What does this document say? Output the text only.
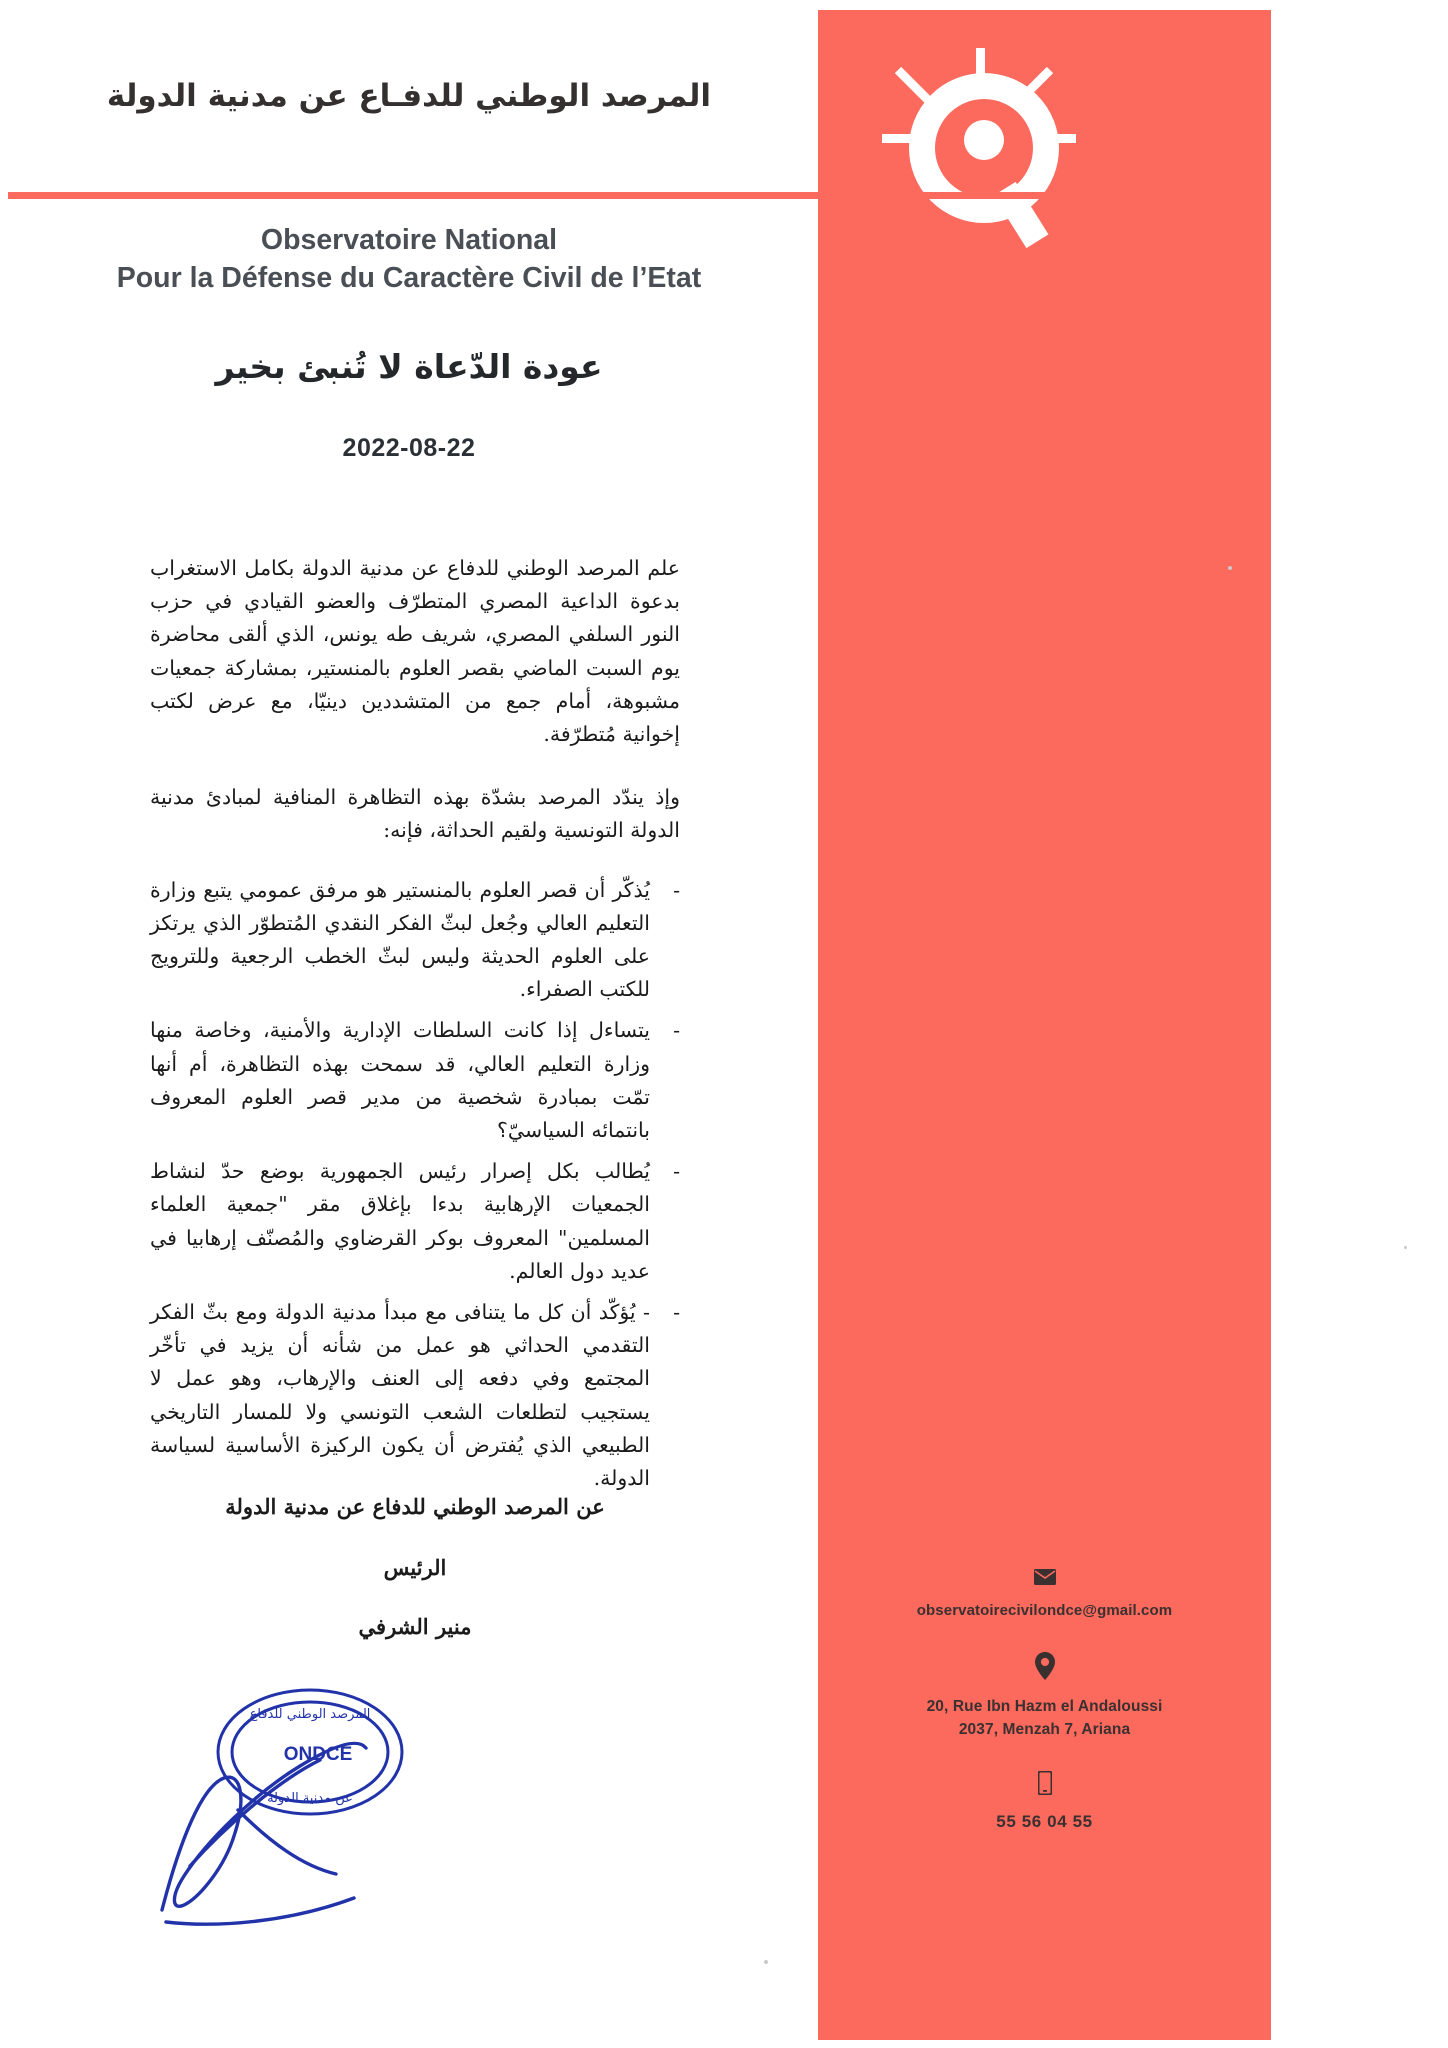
observatoirecivilondce@gmail.com
20, Rue Ibn Hazm el Andaloussi
2037, Menzah 7, Ariana
55 56 04 55
المرصد الوطني للدفـاع عن مدنية الدولة
Observatoire National
Pour la Défense du Caractère Civil de l’Etat
عودة الدّعاة لا تُنبئ بخير
2022-08-22

علم المرصد الوطني للدفاع عن مدنية الدولة بكامل الاستغراب بدعوة الداعية المصري المتطرّف والعضو القيادي في حزب النور السلفي المصري، شريف طه يونس، الذي ألقى محاضرة يوم السبت الماضي بقصر العلوم بالمنستير، بمشاركة جمعيات مشبوهة، أمام جمع من المتشددين دينيّا، مع عرض لكتب إخوانية مُتطرّفة.

وإذ يندّد المرصد بشدّة بهذه التظاهرة المنافية لمبادئ مدنية الدولة التونسية ولقيم الحداثة، فإنه:

-
يُذكّر أن قصر العلوم بالمنستير هو مرفق عمومي يتبع وزارة التعليم العالي وجُعل لبثّ الفكر النقدي المُتطوّر الذي يرتكز على العلوم الحديثة وليس لبثّ الخطب الرجعية وللترويج للكتب الصفراء.
-
يتساءل إذا كانت السلطات الإدارية والأمنية، وخاصة منها وزارة التعليم العالي، قد سمحت بهذه التظاهرة، أم أنها تمّت بمبادرة شخصية من مدير قصر العلوم المعروف بانتمائه السياسيّ؟
-
يُطالب بكل إصرار رئيس الجمهورية بوضع حدّ لنشاط الجمعيات الإرهابية بدءا بإغلاق مقر "جمعية العلماء المسلمين" المعروف بوكر القرضاوي والمُصنّف إرهابيا في عديد دول العالم.
-
- يُؤكّد أن كل ما يتنافى مع مبدأ مدنية الدولة ومع بثّ الفكر التقدمي الحداثي هو عمل من شأنه أن يزيد في تأخّر المجتمع وفي دفعه إلى العنف والإرهاب، وهو عمل لا يستجيب لتطلعات الشعب التونسي ولا للمسار التاريخي الطبيعي الذي يُفترض أن يكون الركيزة الأساسية لسياسة الدولة.
عن المرصد الوطني للدفاع عن مدنية الدولة
الرئيس
منير الشرفي
المرصد الوطني للدفاع
عن مدنية الدولة
ONDCE
